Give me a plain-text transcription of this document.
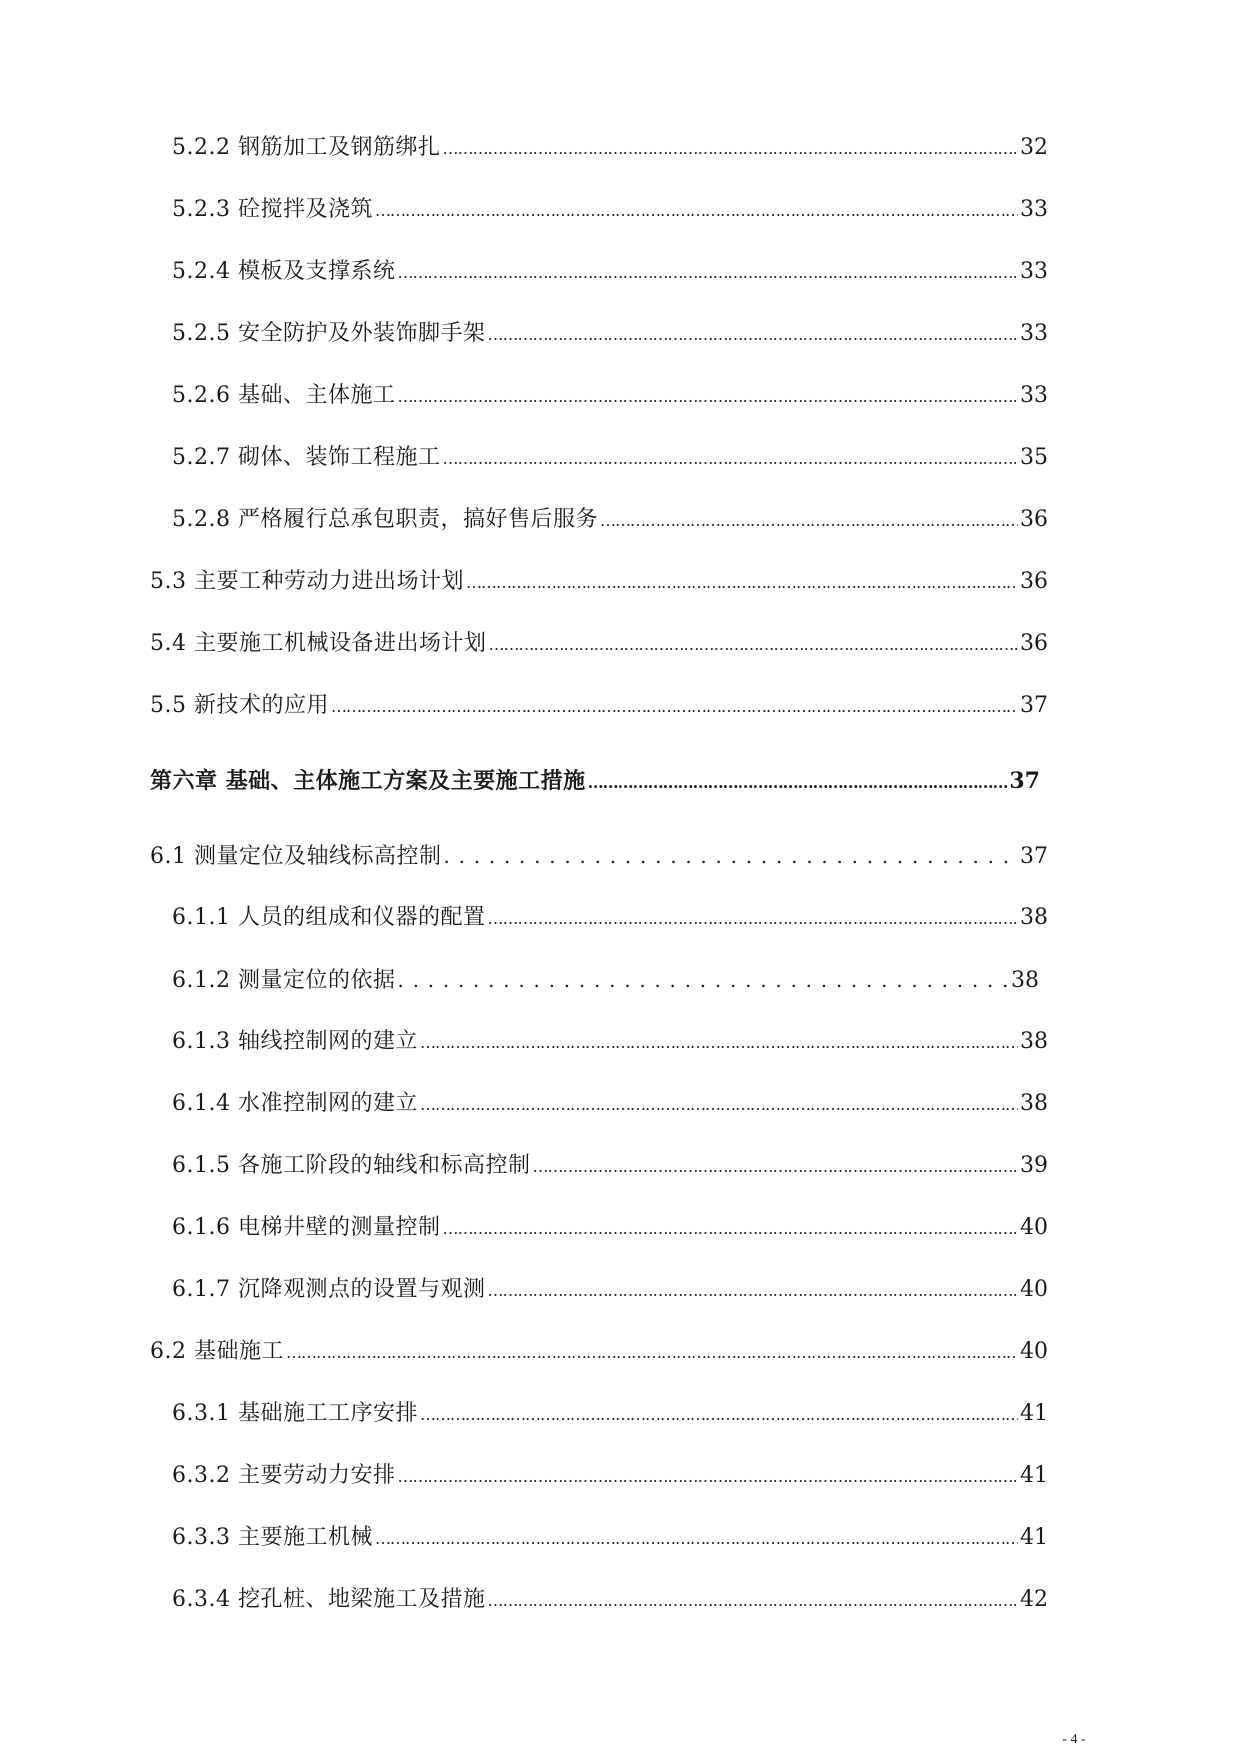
5.2.2 钢筋加工及钢筋绑扎 ……………………………………………………………………………………………………………………………………………………………………………………………………	32
5.2.3 砼搅拌及浇筑 ……………………………………………………………………………………………………………………………………………………………………………………………………	33
5.2.4 模板及支撑系统 ……………………………………………………………………………………………………………………………………………………………………………………………………	33
5.2.5 安全防护及外装饰脚手架 ……………………………………………………………………………………………………………………………………………………………………………………………………	33
5.2.6 基础、主体施工 ……………………………………………………………………………………………………………………………………………………………………………………………………	33
5.2.7 砌体、装饰工程施工 ……………………………………………………………………………………………………………………………………………………………………………………………………	35
5.2.8 严格履行总承包职责，搞好售后服务 ……………………………………………………………………………………………………………………………………………………………………………………………………	36
5.3 主要工种劳动力进出场计划 ……………………………………………………………………………………………………………………………………………………………………………………………………	36
5.4 主要施工机械设备进出场计划 ……………………………………………………………………………………………………………………………………………………………………………………………………	36
5.5 新技术的应用 ……………………………………………………………………………………………………………………………………………………………………………………………………	37
第六章 基础、主体施工方案及主要施工措施 ……………………………………………………………………………………………………………………………………………………………………………………………………	37
6.1 测量定位及轴线标高控制 . . .	37
6.1.1 人员的组成和仪器的配置 ……………………………………………………………………………………………………………………………………………………………………………………………………	38
6.1.2 测量定位的依据 . . .	38
6.1.3 轴线控制网的建立 ……………………………………………………………………………………………………………………………………………………………………………………………………	38
6.1.4 水准控制网的建立 ……………………………………………………………………………………………………………………………………………………………………………………………………	38
6.1.5 各施工阶段的轴线和标高控制 ……………………………………………………………………………………………………………………………………………………………………………………………………	39
6.1.6 电梯井壁的测量控制 ……………………………………………………………………………………………………………………………………………………………………………………………………	40
6.1.7 沉降观测点的设置与观测 ……………………………………………………………………………………………………………………………………………………………………………………………………	40
6.2 基础施工 ……………………………………………………………………………………………………………………………………………………………………………………………………	40
6.3.1 基础施工工序安排 ……………………………………………………………………………………………………………………………………………………………………………………………………	41
6.3.2 主要劳动力安排 ……………………………………………………………………………………………………………………………………………………………………………………………………	41
6.3.3 主要施工机械 ……………………………………………………………………………………………………………………………………………………………………………………………………	41
6.3.4 挖孔桩、地梁施工及措施 ……………………………………………………………………………………………………………………………………………………………………………………………………	42
- 4 -
